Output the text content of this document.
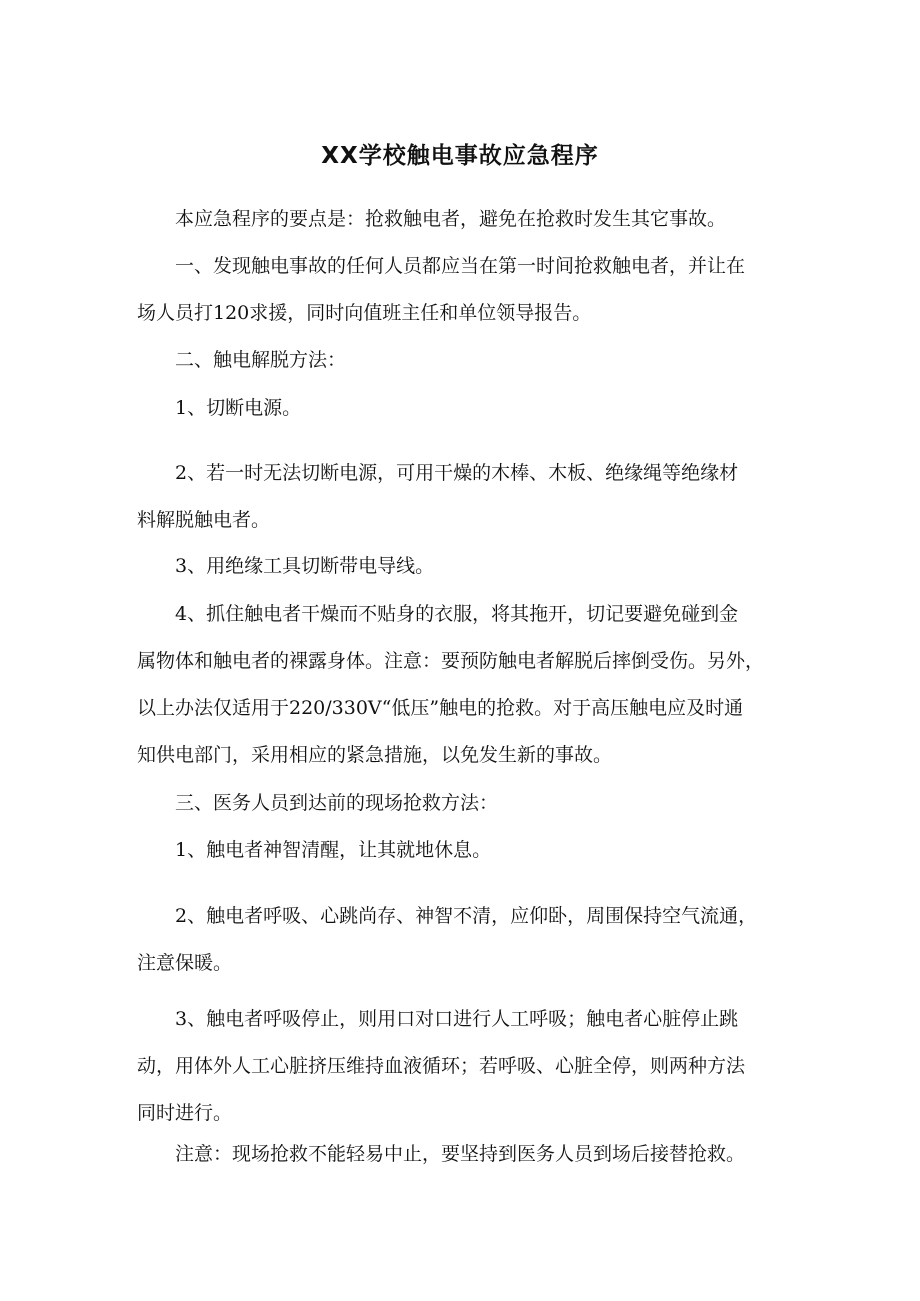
XX学校触电事故应急程序

本应急程序的要点是：抢救触电者，避免在抢救时发生其它事故。

一、发现触电事故的任何人员都应当在第一时间抢救触电者，并让在
场人员打120求援，同时向值班主任和单位领导报告。

二、触电解脱方法：

1、切断电源。

2、若一时无法切断电源，可用干燥的木棒、木板、绝缘绳等绝缘材
料解脱触电者。

3、用绝缘工具切断带电导线。

4、抓住触电者干燥而不贴身的衣服，将其拖开，切记要避免碰到金
属物体和触电者的裸露身体。注意：要预防触电者解脱后摔倒受伤。另外，
以上办法仅适用于220/330V“低压”触电的抢救。对于高压触电应及时通
知供电部门，采用相应的紧急措施，以免发生新的事故。

三、医务人员到达前的现场抢救方法：

1、触电者神智清醒，让其就地休息。

2、触电者呼吸、心跳尚存、神智不清，应仰卧，周围保持空气流通，
注意保暖。

3、触电者呼吸停止，则用口对口进行人工呼吸；触电者心脏停止跳
动，用体外人工心脏挤压维持血液循环；若呼吸、心脏全停，则两种方法
同时进行。

注意：现场抢救不能轻易中止，要坚持到医务人员到场后接替抢救。
